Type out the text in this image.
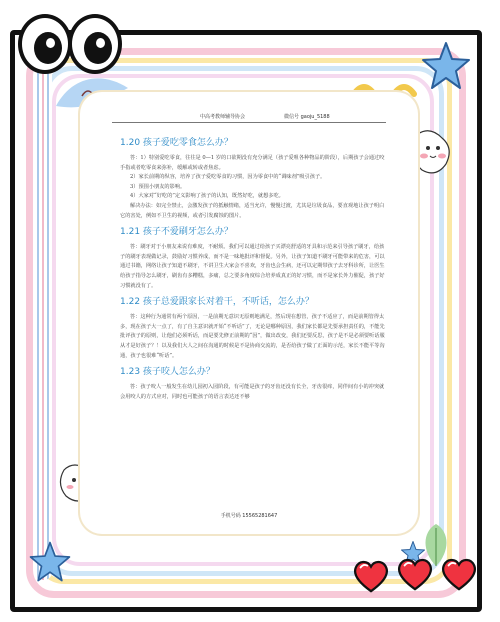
中高考教师辅导协会	微信号 gaoju_5188
1.20 孩子爱吃零食怎么办？

答：1）特别爱吃零食，往往是 0—1 岁的口欲期没有充分满足（孩子爱咀各种物品的阶段），后期孩子会通过咬手指或者吃零食来弥补，缓解或转或者焦虑。

2）家长前期的纵容，培养了孩子爱吃零食的习惯，因为零食中的“调味剂”吸引孩子。

3）预围小朋友的影响。

4）大家对“好吃的”定义影响了孩子的认知，既然好吃，就想多吃。

解决办法：如完全禁止，会激发孩子的抵触情绪，适当允许，慢慢过渡，尤其是垃圾食品，要直观地让孩子明白它的害处，例如不卫生的视频，或者引发腐蚀的图片。

1.21 孩子不爱刷牙怎么办？

答：刷牙对于小朋友来说有难度，不耐烦。我们可以通过给孩子买漂亮舒适的牙具和示范来引导孩子刷牙，给孩子的刷牙表现做记录，鼓励好习惯养成，而不是一味地批评和督促。另外，让孩子知道不刷牙可能带来的危害，可以通过书籍，网络让孩子知道不刷牙，不讲卫生大家会不喜欢，牙齿也会生病，还可以定期带孩子去牙科诊所，让医生给孩子指导怎么刷牙，刷齿有多糟糕，多痛，总之要多角度综合培养成真正的好习惯，而不是家长外力催促，孩子好习惯就没有了。

1.22 孩子总爱跟家长对着干，不听话，怎么办？

答：这种行为通常有两个原因，一是前期无意识无原则地满足，然后现在想管，孩子不适应了，而是前期管得太多，现在孩子大一点了，有了自主意识就开始“不听话”了，无论是哪种原因，我们家长都是先要承担责任的，不能先批评孩子的原则，让他们必须听话，而是要先修正前期的“因”，做出改变，我们还要反思，孩子是不是必须要听话服从才是好孩子？！以及我们大人之间在沟通的时候是不是协商交流的，是否给孩子做了正面的示范，家长不能平等沟通，孩子也很难“听话”。

1.23 孩子咬人怎么办？

答：孩子咬人一般发生在幼儿园初入园阶段，有可能是孩子的牙齿还没有长全，牙齿很痒，同伴间有小的冲突就会用咬人的方式应对，同时也可能孩子的语言表达还不够

手机号码 15565281647
